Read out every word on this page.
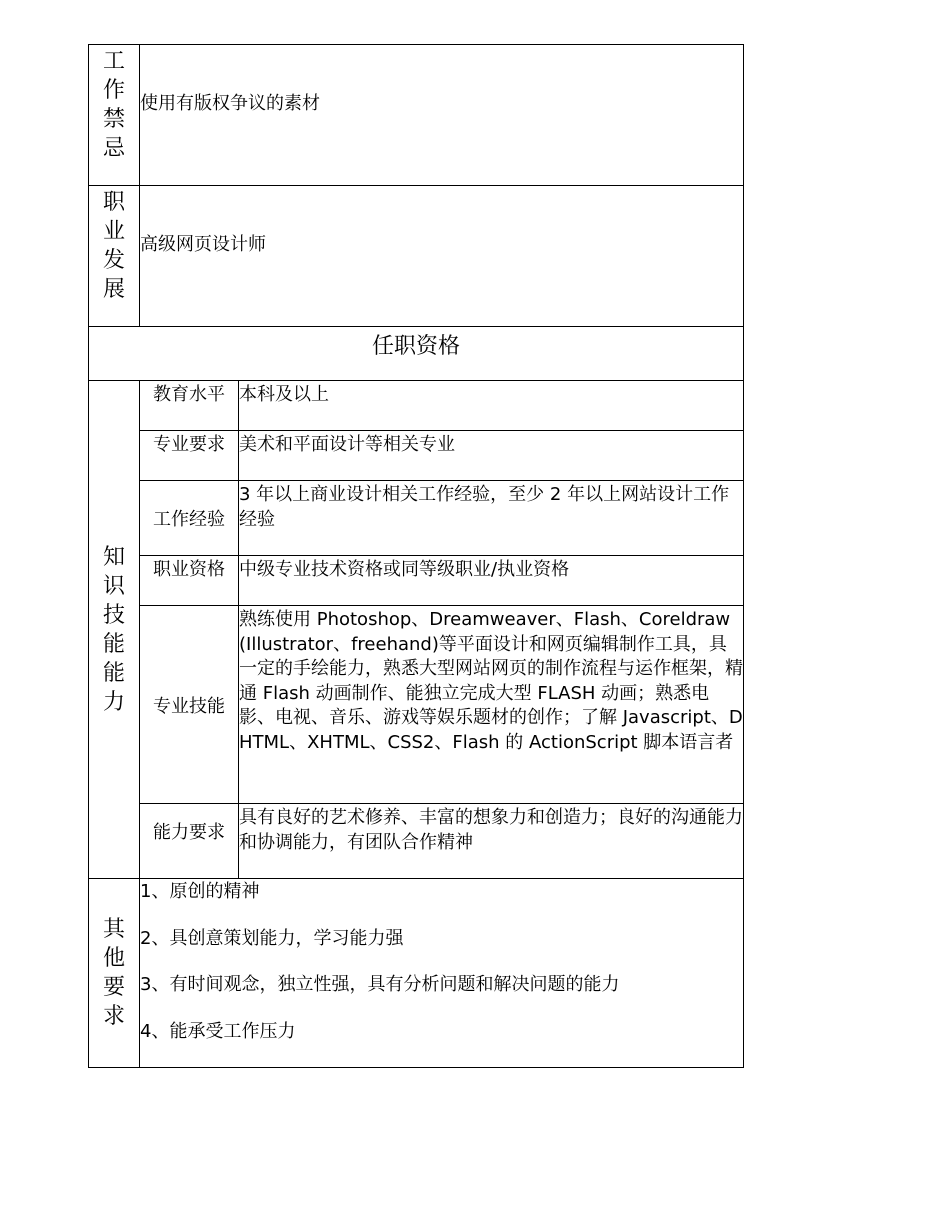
工作禁忌	使用有版权争议的素材	
职业发展	高级网页设计师	
任职资格		
知识技能能力	教育水平	本科及以上
	专业要求	美术和平面设计等相关专业
	工作经验	3 年以上商业设计相关工作经验，至少 2 年以上网站设计工作经验
	职业资格	中级专业技术资格或同等级职业/执业资格
	专业技能	熟练使用 Photoshop、Dreamweaver、Flash、Coreldraw (Illustrator、freehand)等平面设计和网页编辑制作工具，具一定的手绘能力，熟悉大型网站网页的制作流程与运作框架，精通 Flash 动画制作、能独立完成大型 FLASH 动画；熟悉电影、电视、音乐、游戏等娱乐题材的创作；了解 Javascript、DHTML、XHTML、CSS2、Flash 的 ActionScript 脚本语言者
	能力要求	具有良好的艺术修养、丰富的想象力和创造力；良好的沟通能力和协调能力，有团队合作精神
其他要求	1、原创的精神
2、具创意策划能力，学习能力强
3、有时间观念，独立性强，具有分析问题和解决问题的能力
4、能承受工作压力	
